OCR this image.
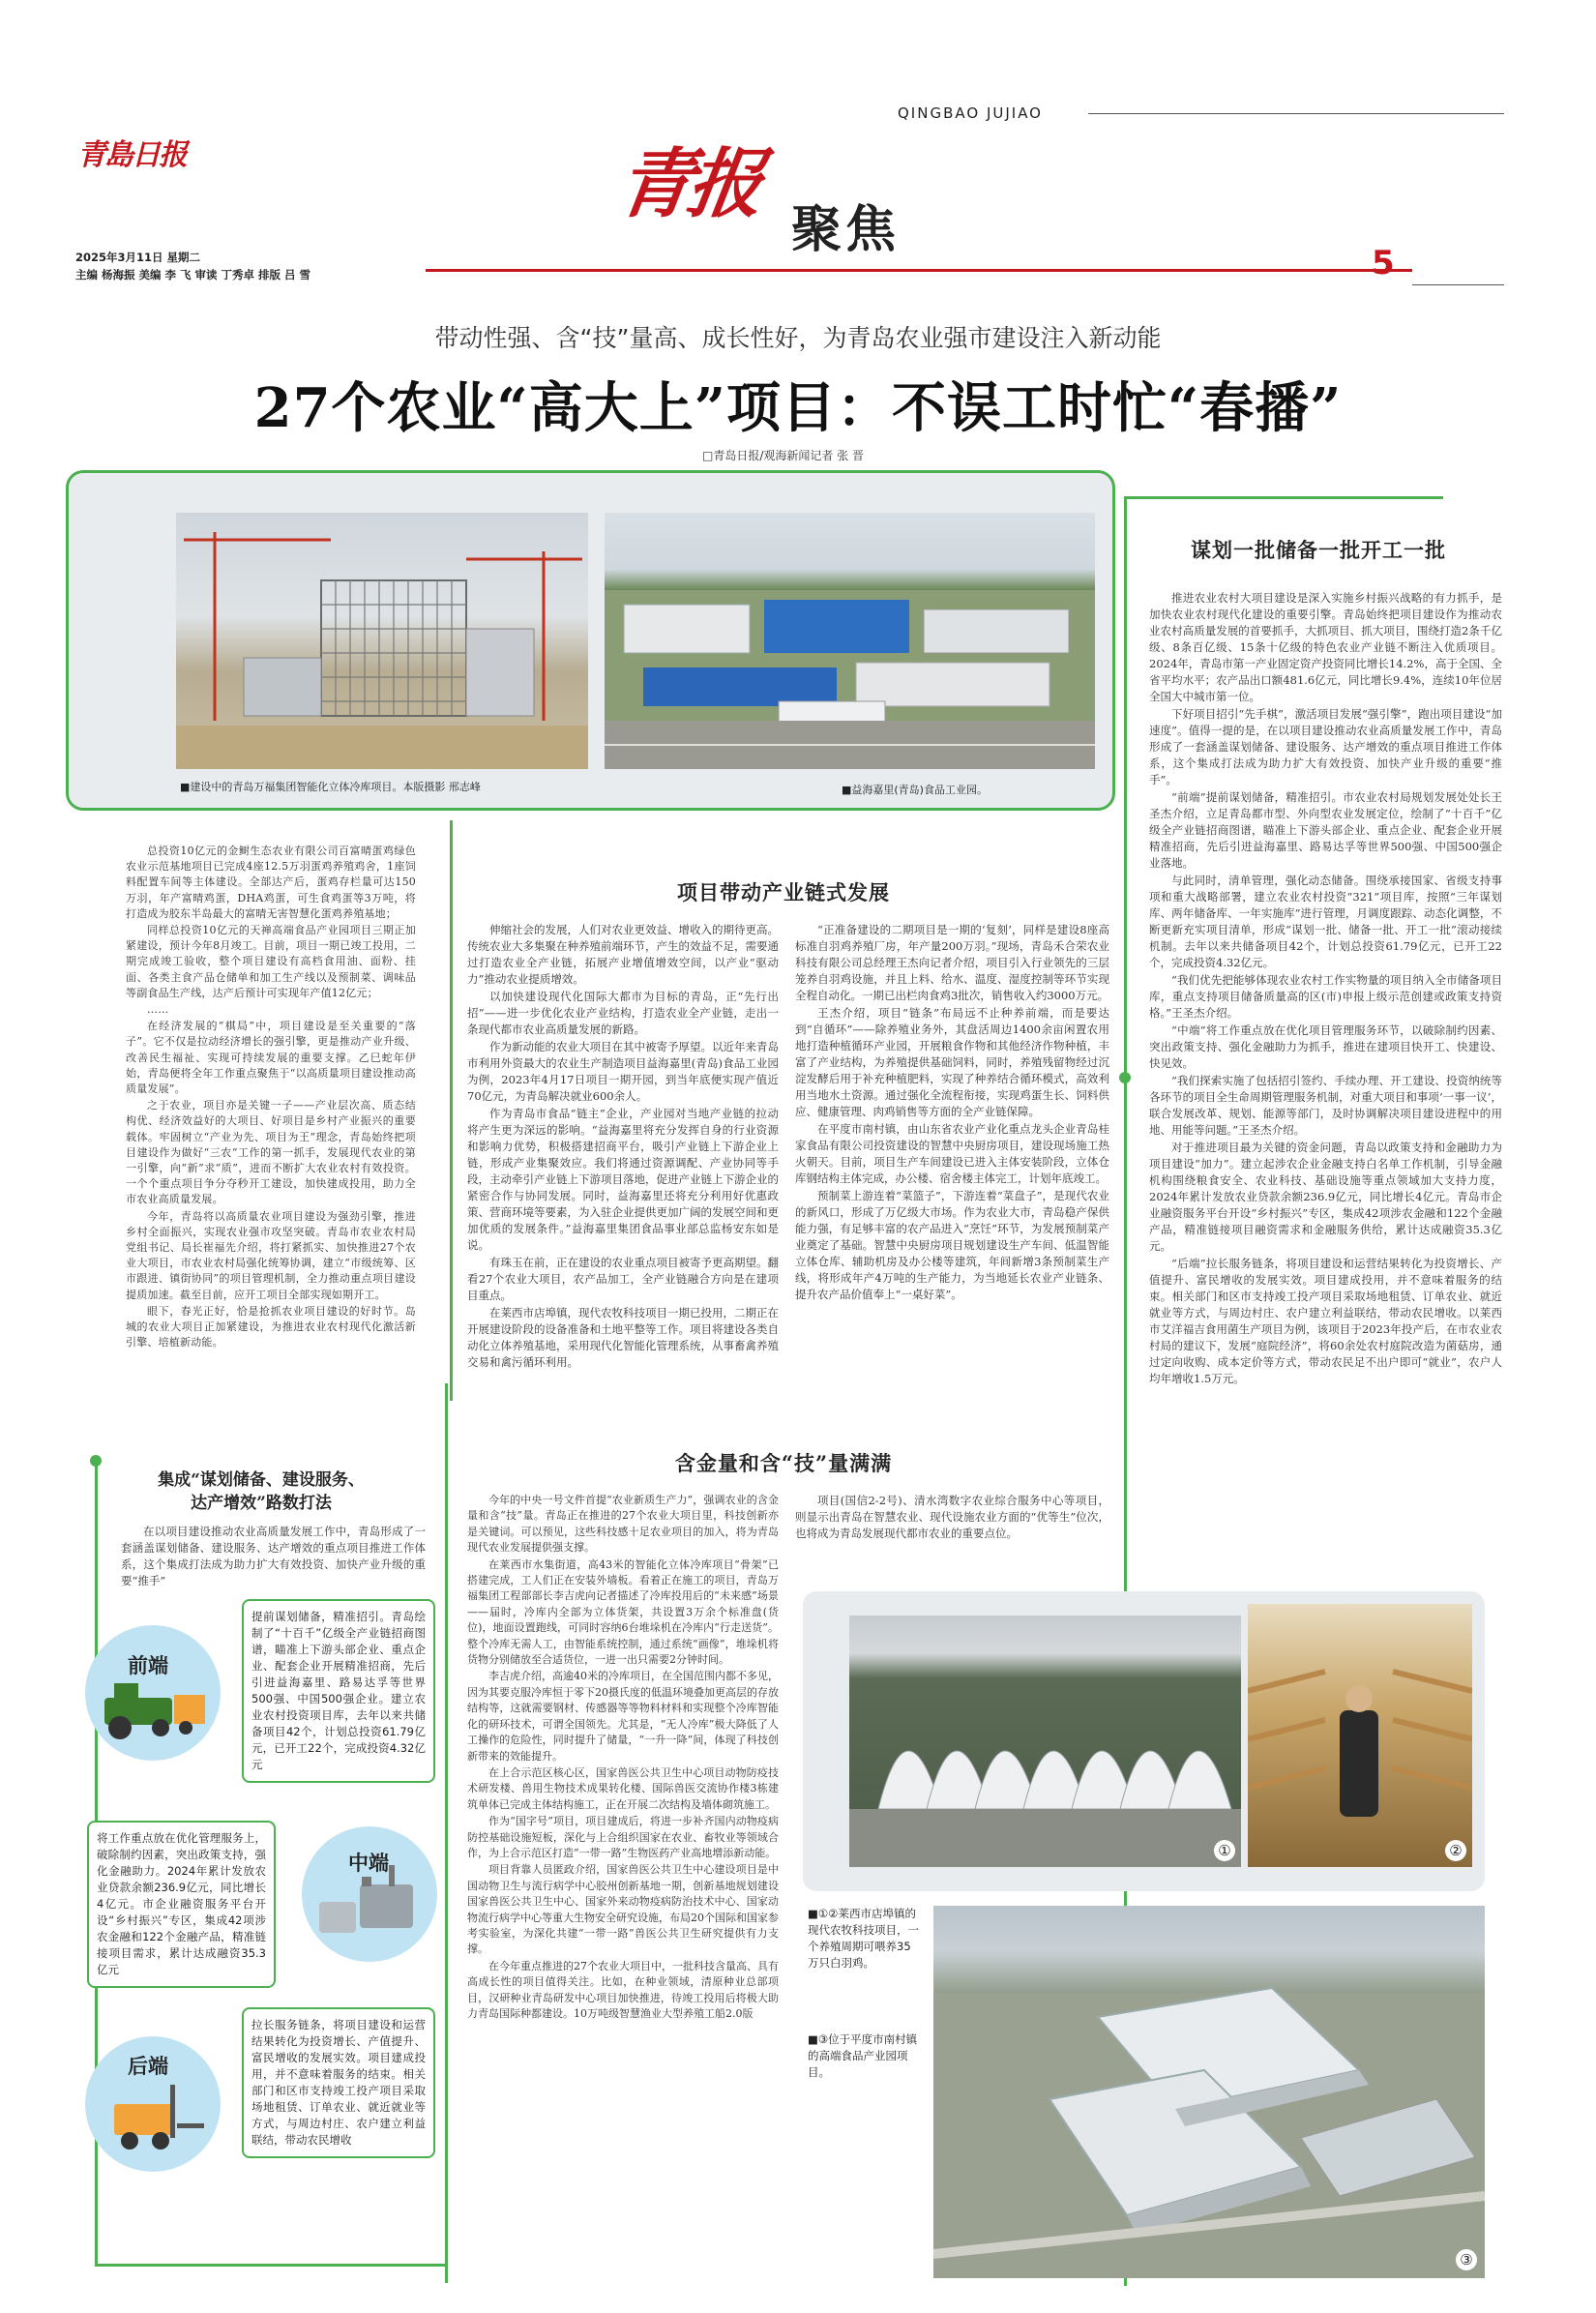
QINGBAO JUJIAO
青島日报	青报
聚焦
2025年3月11日 星期二
主编 杨海振 美编 李 飞 审读 丁秀卓 排版 吕 雪	5
带动性强、含“技”量高、成长性好，为青岛农业强市建设注入新动能
27个农业“高大上”项目：不误工时忙“春播”
□青岛日报/观海新闻记者 张 晋
■建设中的青岛万福集团智能化立体冷库项目。本版摄影 邢志峰	■益海嘉里(青岛)食品工业园。
谋划一批储备一批开工一批

推进农业农村大项目建设是深入实施乡村振兴战略的有力抓手，是加快农业农村现代化建设的重要引擎。青岛始终把项目建设作为推动农业农村高质量发展的首要抓手，大抓项目、抓大项目，围绕打造2条千亿级、8条百亿级、15条十亿级的特色农业产业链不断注入优质项目。2024年，青岛市第一产业固定资产投资同比增长14.2%，高于全国、全省平均水平；农产品出口额481.6亿元，同比增长9.4%，连续10年位居全国大中城市第一位。

下好项目招引“先手棋”，激活项目发展“强引擎”，跑出项目建设“加速度”。值得一提的是，在以项目建设推动农业高质量发展工作中，青岛形成了一套涵盖谋划储备、建设服务、达产增效的重点项目推进工作体系，这个集成打法成为助力扩大有效投资、加快产业升级的重要“推手”。

“前端”提前谋划储备，精准招引。市农业农村局规划发展处处长王圣杰介绍，立足青岛都市型、外向型农业发展定位，绘制了“十百千”亿级全产业链招商图谱，瞄准上下游头部企业、重点企业、配套企业开展精准招商，先后引进益海嘉里、路易达孚等世界500强、中国500强企业落地。

与此同时，清单管理，强化动态储备。围绕承接国家、省级支持事项和重大战略部署，建立农业农村投资“321”项目库，按照“三年谋划库、两年储备库、一年实施库”进行管理，月调度跟踪、动态化调整，不断更新充实项目清单，形成“谋划一批、储备一批、开工一批”滚动接续机制。去年以来共储备项目42个，计划总投资61.79亿元，已开工22个，完成投资4.32亿元。

“我们优先把能够体现农业农村工作实物量的项目纳入全市储备项目库，重点支持项目储备质量高的区(市)申报上级示范创建或政策支持资格。”王圣杰介绍。

“中端”将工作重点放在优化项目管理服务环节，以破除制约因素、突出政策支持、强化金融助力为抓手，推进在建项目快开工、快建设、快见效。

“我们探索实施了包括招引签约、手续办理、开工建设、投资纳统等各环节的项目全生命周期管理服务机制，对重大项目和事项‘一事一议’，联合发展改革、规划、能源等部门，及时协调解决项目建设进程中的用地、用能等问题。”王圣杰介绍。

对于推进项目最为关键的资金问题，青岛以政策支持和金融助力为项目建设“加力”。建立起涉农企业金融支持白名单工作机制，引导金融机构围绕粮食安全、农业科技、基础设施等重点领域加大支持力度，2024年累计发放农业贷款余额236.9亿元，同比增长4亿元。青岛市企业融资服务平台开设“乡村振兴”专区，集成42项涉农金融和122个金融产品，精准链接项目融资需求和金融服务供给，累计达成融资35.3亿元。

“后端”拉长服务链条，将项目建设和运营结果转化为投资增长、产值提升、富民增收的发展实效。项目建成投用，并不意味着服务的结束。相关部门和区市支持竣工投产项目采取场地租赁、订单农业、就近就业等方式，与周边村庄、农户建立利益联结，带动农民增收。以莱西市艾洋福吉食用菌生产项目为例，该项目于2023年投产后，在市农业农村局的建议下，发展“庭院经济”，将60余处农村庭院改造为菌菇房，通过定向收购、成本定价等方式，带动农民足不出户即可“就业”，农户人均年增收1.5万元。

总投资10亿元的金鲥生态农业有限公司百富晴蛋鸡绿色农业示范基地项目已完成4座12.5万羽蛋鸡养殖鸡舍，1座饲料配置车间等主体建设。全部达产后，蛋鸡存栏量可达150万羽，年产富晴鸡蛋，DHA鸡蛋，可生食鸡蛋等3万吨，将打造成为胶东半岛最大的富晴无害智慧化蛋鸡养殖基地；

同样总投资10亿元的天禅高端食品产业园项目三期正加紧建设，预计今年8月竣工。目前，项目一期已竣工投用，二期完成竣工验收，整个项目建设有高档食用油、面粉、挂面、各类主食产品仓储单和加工生产线以及预制菜、调味品等副食品生产线，达产后预计可实现年产值12亿元；

……

在经济发展的“棋局”中，项目建设是至关重要的“落子”。它不仅是拉动经济增长的强引擎，更是推动产业升级、改善民生福祉、实现可持续发展的重要支撑。乙巳蛇年伊始，青岛便将全年工作重点聚焦于“以高质量项目建设推动高质量发展”。

之于农业，项目亦是关键一子——产业层次高、质态结构优、经济效益好的大项目、好项目是乡村产业振兴的重要载体。牢固树立“产业为先、项目为王”理念，青岛始终把项目建设作为做好“三农”工作的第一抓手，发展现代农业的第一引擎，向“新”求“质”，进而不断扩大农业农村有效投资。一个个重点项目争分夺秒开工建设，加快建成投用，助力全市农业高质量发展。

今年，青岛将以高质量农业项目建设为强劲引擎，推进乡村全面振兴，实现农业强市攻坚突破。青岛市农业农村局党组书记、局长崔福先介绍，将打紧抓实、加快推进27个农业大项目，市农业农村局强化统筹协调，建立“市级统筹、区市跟进、镇街协同”的项目管理机制，全力推动重点项目建设提质加速。截至目前，应开工项目全部实现如期开工。

眼下，春光正好，恰是抢抓农业项目建设的好时节。岛城的农业大项目正加紧建设，为推进农业农村现代化激活新引擎、培植新动能。

集成“谋划储备、建设服务、达产增效”路数打法

在以项目建设推动农业高质量发展工作中，青岛形成了一套涵盖谋划储备、建设服务、达产增效的重点项目推进工作体系，这个集成打法成为助力扩大有效投资、加快产业升级的重要“推手”

前端
提前谋划储备，精准招引。青岛绘制了“十百千”亿级全产业链招商图谱，瞄准上下游头部企业、重点企业、配套企业开展精准招商，先后引进益海嘉里、路易达孚等世界500强、中国500强企业。建立农业农村投资项目库，去年以来共储备项目42个，计划总投资61.79亿元，已开工22个，完成投资4.32亿元
将工作重点放在优化管理服务上，破除制约因素，突出政策支持，强化金融助力。2024年累计发放农业贷款余额236.9亿元，同比增长4亿元。市企业融资服务平台开设“乡村振兴”专区，集成42项涉农金融和122个金融产品，精准链接项目需求，累计达成融资35.3亿元
中端
后端
拉长服务链条，将项目建设和运营结果转化为投资增长、产值提升、富民增收的发展实效。项目建成投用，并不意味着服务的结束。相关部门和区市支持竣工投产项目采取场地租赁、订单农业、就近就业等方式，与周边村庄、农户建立利益联结，带动农民增收
项目带动产业链式发展

伸缩社会的发展，人们对农业更效益、增收入的期待更高。传统农业大多集聚在种养殖前端环节，产生的效益不足，需要通过打造农业全产业链，拓展产业增值增效空间，以产业“驱动力”推动农业提质增效。

以加快建设现代化国际大都市为目标的青岛，正“先行出招”——进一步优化农业产业结构，打造农业全产业链，走出一条现代都市农业高质量发展的新路。

作为新动能的农业大项目在其中被寄予厚望。以近年来青岛市利用外资最大的农业生产制造项目益海嘉里(青岛)食品工业园为例，2023年4月17日项目一期开园，到当年底便实现产值近70亿元，为青岛解决就业600余人。

作为青岛市食品“链主”企业，产业园对当地产业链的拉动将产生更为深远的影响。“益海嘉里将充分发挥自身的行业资源和影响力优势，积极搭建招商平台，吸引产业链上下游企业上链，形成产业集聚效应。我们将通过资源调配、产业协同等手段，主动牵引产业链上下游项目落地，促进产业链上下游企业的紧密合作与协同发展。同时，益海嘉里还将充分利用好优惠政策、营商环境等要素，为入驻企业提供更加广阔的发展空间和更加优质的发展条件。”益海嘉里集团食品事业部总监杨安东如是说。

有珠玉在前，正在建设的农业重点项目被寄予更高期望。翻看27个农业大项目，农产品加工，全产业链融合方向是在建项目重点。

在莱西市店埠镇，现代农牧科技项目一期已投用，二期正在开展建设阶段的设备准备和土地平整等工作。项目将建设各类自动化立体养殖基地，采用现代化智能化管理系统，从事畜禽养殖交易和禽污循环利用。

“正准备建设的二期项目是一期的‘复刻’，同样是建设8座高标准自羽鸡养殖厂房，年产量200万羽。”现场，青岛禾合荣农业科技有限公司总经理王杰向记者介绍，项目引入行业领先的三层笼养自羽鸡设施，并且上料、给水、温度、湿度控制等环节实现全程自动化。一期已出栏肉食鸡3批次，销售收入约3000万元。

王杰介绍，项目“链条”布局远不止种养前端，而是要达到“自循环”——除养殖业务外，其盘活周边1400余亩闲置农用地打造种植循环产业园，开展粮食作物和其他经济作物种植，丰富了产业结构，为养殖提供基础饲料，同时，养殖残留物经过沉淀发酵后用于补充种植肥料，实现了种养结合循环模式，高效利用当地水土资源。通过强化全流程衔接，实现鸡蛋生长、饲料供应、健康管理、肉鸡销售等方面的全产业链保障。

在平度市南村镇，由山东省农业产业化重点龙头企业青岛桂家食品有限公司投资建设的智慧中央厨房项目，建设现场施工热火朝天。目前，项目生产车间建设已进入主体安装阶段，立体仓库钢结构主体完成，办公楼、宿舍楼主体完工，计划年底竣工。

预制菜上游连着“菜篮子”，下游连着“菜盘子”，是现代农业的新风口，形成了万亿级大市场。作为农业大市，青岛稳产保供能力强，有足够丰富的农产品进入“烹饪”环节，为发展预制菜产业奠定了基础。智慧中央厨房项目规划建设生产车间、低温智能立体仓库、辅助机房及办公楼等建筑，年间新增3条预制菜生产线，将形成年产4万吨的生产能力，为当地延长农业产业链条、提升农产品价值奉上“一桌好菜”。

含金量和含“技”量满满

今年的中央一号文件首提“农业新质生产力”，强调农业的含金量和含“技”量。青岛正在推进的27个农业大项目里，科技创新亦是关键词。可以预见，这些科技感十足农业项目的加入，将为青岛现代农业发展提供强支撑。

在莱西市水集街道，高43米的智能化立体冷库项目“骨架”已搭建完成，工人们正在安装外墙板。看着正在施工的项目，青岛万福集团工程部部长李吉虎向记者描述了冷库投用后的“未来感”场景——届时，冷库内全部为立体货架，共设置3万余个标准盘(货位)，地面设置跑线，可同时容纳6台堆垛机在冷库内“行走送货”。整个冷库无需人工，由智能系统控制，通过系统“画像”，堆垛机将货物分别储放至合适货位，一进一出只需要2分钟时间。

李吉虎介绍，高逾40米的冷库项目，在全国范围内都不多见，因为其要克服冷库恒于零下20摄氏度的低温环境叠加更高层的存放结构等，这就需要钢材、传感器等等物料材料和实现整个冷库智能化的研环技术，可谓全国领先。尤其是，“无人冷库”极大降低了人工操作的危险性，同时提升了储量，“一升一降”间，体现了科技创新带来的效能提升。

在上合示范区核心区，国家兽医公共卫生中心项目动物防疫技术研发楼、兽用生物技术成果转化楼、国际兽医交流协作楼3栋建筑单体已完成主体结构施工，正在开展二次结构及墙体砌筑施工。

作为“国字号”项目，项目建成后，将进一步补齐国内动物疫病防控基础设施短板，深化与上合组织国家在农业、畜牧业等领域合作，为上合示范区打造“一带一路”生物医药产业高地增添新动能。

项目背靠人员匿政介绍，国家兽医公共卫生中心建设项目是中国动物卫生与流行病学中心胶州创新基地一期，创新基地规划建设国家兽医公共卫生中心、国家外来动物疫病防治技术中心、国家动物流行病学中心等重大生物安全研究设施，布局20个国际和国家参考实验室，为深化共建“一带一路”兽医公共卫生研究提供有力支撑。

在今年重点推进的27个农业大项目中，一批科技含量高、具有高成长性的项目值得关注。比如，在种业领域，清原种业总部项目，汉研种业青岛研发中心项目加快推进，待竣工投用后将极大助力青岛国际种都建设。10万吨级智慧渔业大型养殖工船2.0版

项目(国信2-2号)、清水湾数字农业综合服务中心等项目，则显示出青岛在智慧农业、现代设施农业方面的“优等生”位次，也将成为青岛发展现代都市农业的重要点位。

①	②
■①②莱西市店埠镇的现代农牧科技项目，一个养殖周期可喂养35万只白羽鸡。
■③位于平度市南村镇的高端食品产业园项目。
③
